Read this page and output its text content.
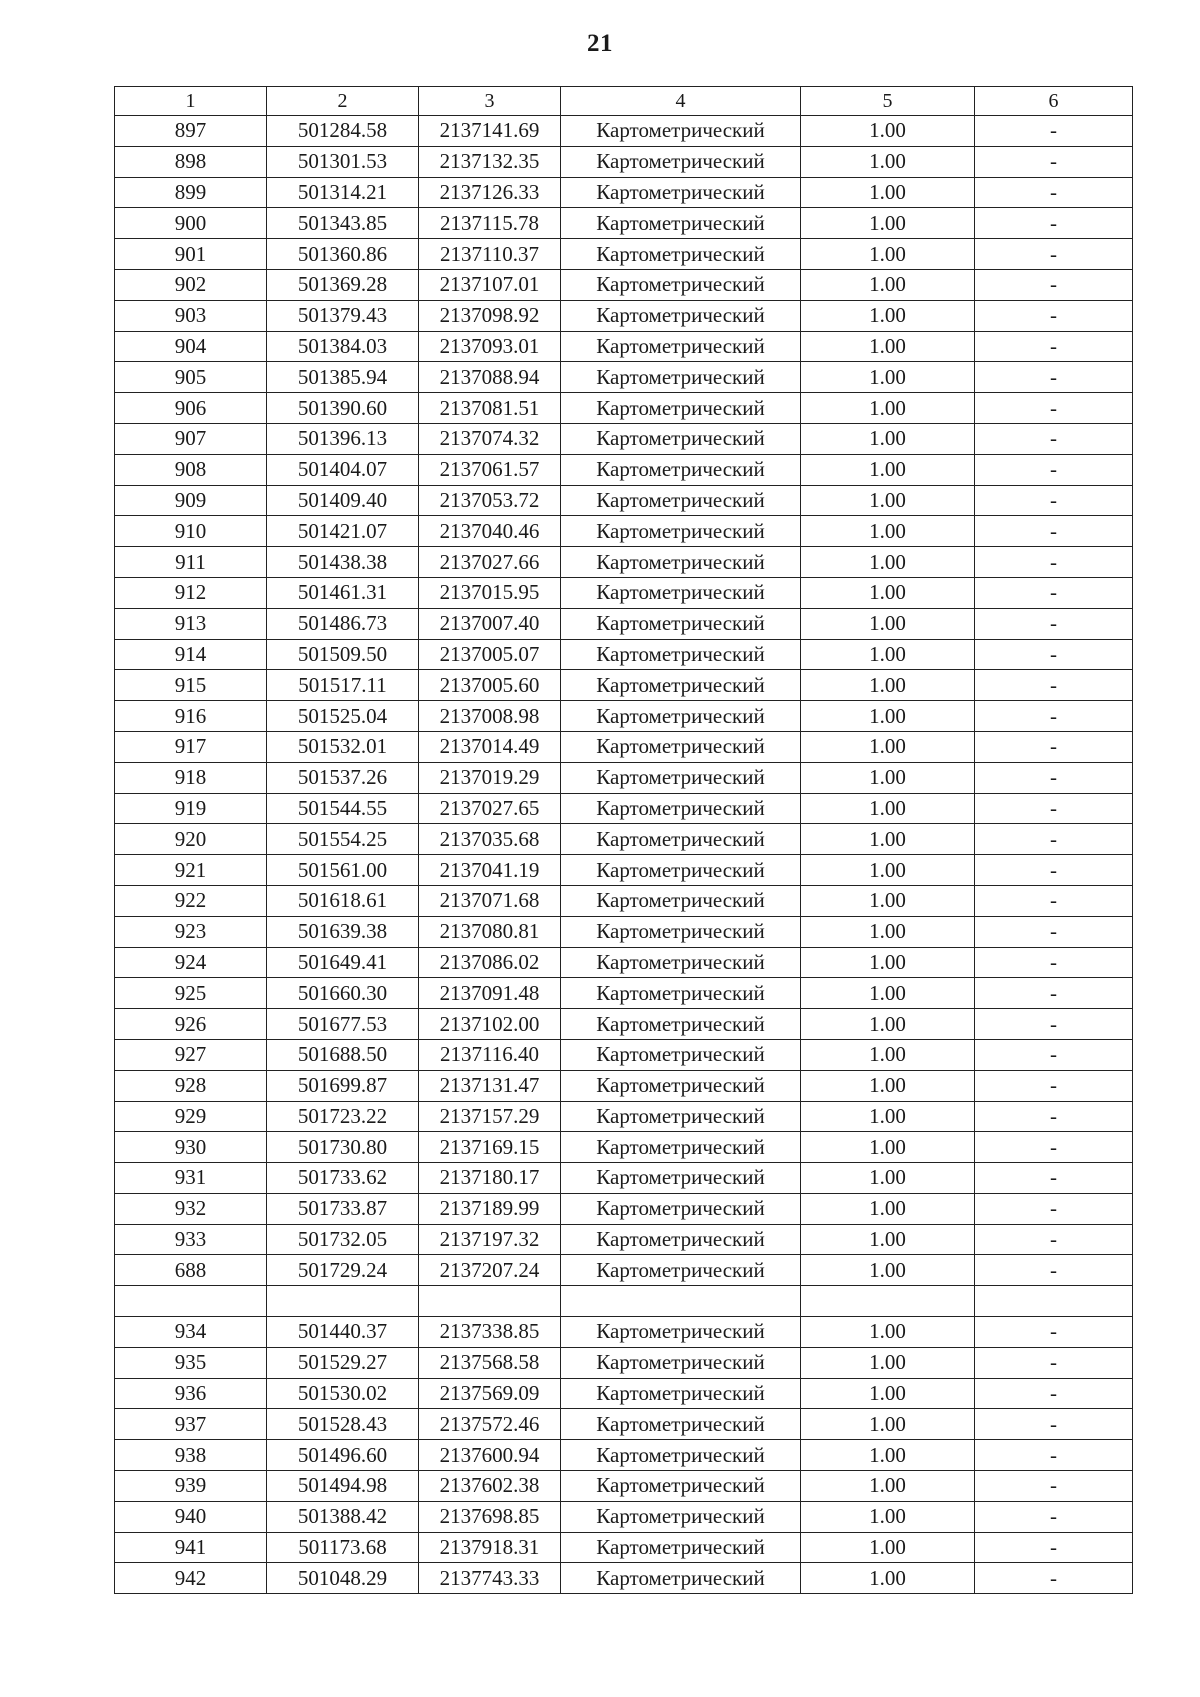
21
1	2	3	4	5	6
897	501284.58	2137141.69	Картометрический	1.00	-
898	501301.53	2137132.35	Картометрический	1.00	-
899	501314.21	2137126.33	Картометрический	1.00	-
900	501343.85	2137115.78	Картометрический	1.00	-
901	501360.86	2137110.37	Картометрический	1.00	-
902	501369.28	2137107.01	Картометрический	1.00	-
903	501379.43	2137098.92	Картометрический	1.00	-
904	501384.03	2137093.01	Картометрический	1.00	-
905	501385.94	2137088.94	Картометрический	1.00	-
906	501390.60	2137081.51	Картометрический	1.00	-
907	501396.13	2137074.32	Картометрический	1.00	-
908	501404.07	2137061.57	Картометрический	1.00	-
909	501409.40	2137053.72	Картометрический	1.00	-
910	501421.07	2137040.46	Картометрический	1.00	-
911	501438.38	2137027.66	Картометрический	1.00	-
912	501461.31	2137015.95	Картометрический	1.00	-
913	501486.73	2137007.40	Картометрический	1.00	-
914	501509.50	2137005.07	Картометрический	1.00	-
915	501517.11	2137005.60	Картометрический	1.00	-
916	501525.04	2137008.98	Картометрический	1.00	-
917	501532.01	2137014.49	Картометрический	1.00	-
918	501537.26	2137019.29	Картометрический	1.00	-
919	501544.55	2137027.65	Картометрический	1.00	-
920	501554.25	2137035.68	Картометрический	1.00	-
921	501561.00	2137041.19	Картометрический	1.00	-
922	501618.61	2137071.68	Картометрический	1.00	-
923	501639.38	2137080.81	Картометрический	1.00	-
924	501649.41	2137086.02	Картометрический	1.00	-
925	501660.30	2137091.48	Картометрический	1.00	-
926	501677.53	2137102.00	Картометрический	1.00	-
927	501688.50	2137116.40	Картометрический	1.00	-
928	501699.87	2137131.47	Картометрический	1.00	-
929	501723.22	2137157.29	Картометрический	1.00	-
930	501730.80	2137169.15	Картометрический	1.00	-
931	501733.62	2137180.17	Картометрический	1.00	-
932	501733.87	2137189.99	Картометрический	1.00	-
933	501732.05	2137197.32	Картометрический	1.00	-
688	501729.24	2137207.24	Картометрический	1.00	-

934	501440.37	2137338.85	Картометрический	1.00	-
935	501529.27	2137568.58	Картометрический	1.00	-
936	501530.02	2137569.09	Картометрический	1.00	-
937	501528.43	2137572.46	Картометрический	1.00	-
938	501496.60	2137600.94	Картометрический	1.00	-
939	501494.98	2137602.38	Картометрический	1.00	-
940	501388.42	2137698.85	Картометрический	1.00	-
941	501173.68	2137918.31	Картометрический	1.00	-
942	501048.29	2137743.33	Картометрический	1.00	-
